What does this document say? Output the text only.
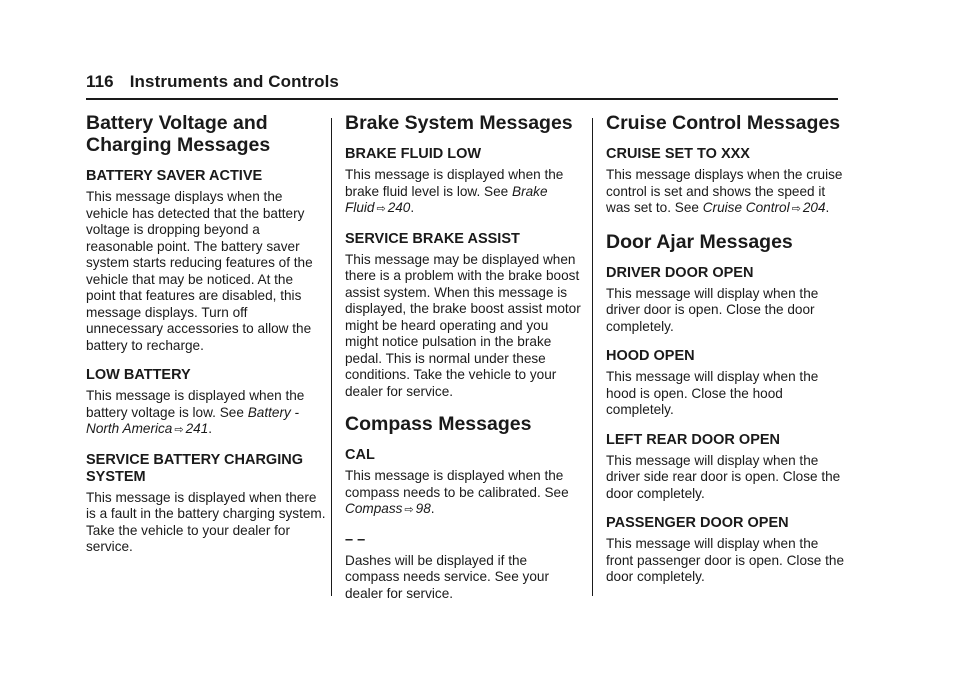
116 Instruments and Controls
Battery Voltage and Charging Messages
BATTERY SAVER ACTIVE

This message displays when the vehicle has detected that the battery voltage is dropping beyond a reasonable point. The battery saver system starts reducing features of the vehicle that may be noticed. At the point that features are disabled, this message displays. Turn off unnecessary accessories to allow the battery to recharge.

LOW BATTERY

This message is displayed when the battery voltage is low. See Battery - North America ⇨ 241.

SERVICE BATTERY CHARGING SYSTEM

This message is displayed when there is a fault in the battery charging system. Take the vehicle to your dealer for service.

Brake System Messages
BRAKE FLUID LOW

This message is displayed when the brake fluid level is low. See Brake Fluid ⇨ 240.

SERVICE BRAKE ASSIST

This message may be displayed when there is a problem with the brake boost assist system. When this message is displayed, the brake boost assist motor might be heard operating and you might notice pulsation in the brake pedal. This is normal under these conditions. Take the vehicle to your dealer for service.

Compass Messages
CAL

This message is displayed when the compass needs to be calibrated. See Compass ⇨ 98.

– –

Dashes will be displayed if the compass needs service. See your dealer for service.

Cruise Control Messages
CRUISE SET TO XXX

This message displays when the cruise control is set and shows the speed it was set to. See Cruise Control ⇨ 204.

Door Ajar Messages
DRIVER DOOR OPEN

This message will display when the driver door is open. Close the door completely.

HOOD OPEN

This message will display when the hood is open. Close the hood completely.

LEFT REAR DOOR OPEN

This message will display when the driver side rear door is open. Close the door completely.

PASSENGER DOOR OPEN

This message will display when the front passenger door is open. Close the door completely.
